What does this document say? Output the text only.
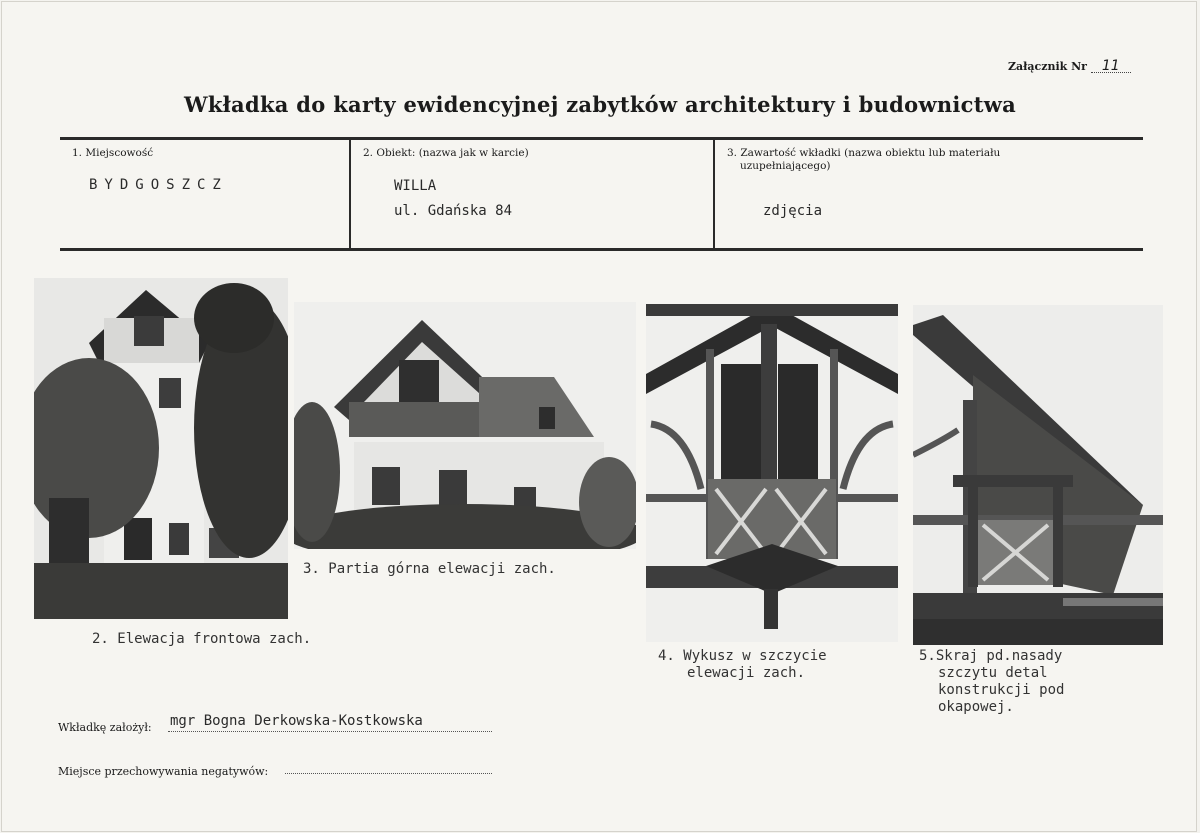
Załącznik Nr 11
Wkładka do karty ewidencyjnej zabytków architektury i budownictwa
1. Miejscowość
BYDGOSZCZ
2. Obiekt: (nazwa jak w karcie)
WILLA
ul. Gdańska 84
3. Zawartość wkładki (nazwa obiektu lub materiału
uzupełniającego)
zdjęcia
2. Elewacja frontowa zach.
3. Partia górna elewacji zach.
4. Wykusz w szczycie
elewacji zach.
5.Skraj pd.nasady
szczytu detal
konstrukcji pod
okapowej.
Wkładkę założył: mgr Bogna Derkowska-Kostkowska
Miejsce przechowywania negatywów:
